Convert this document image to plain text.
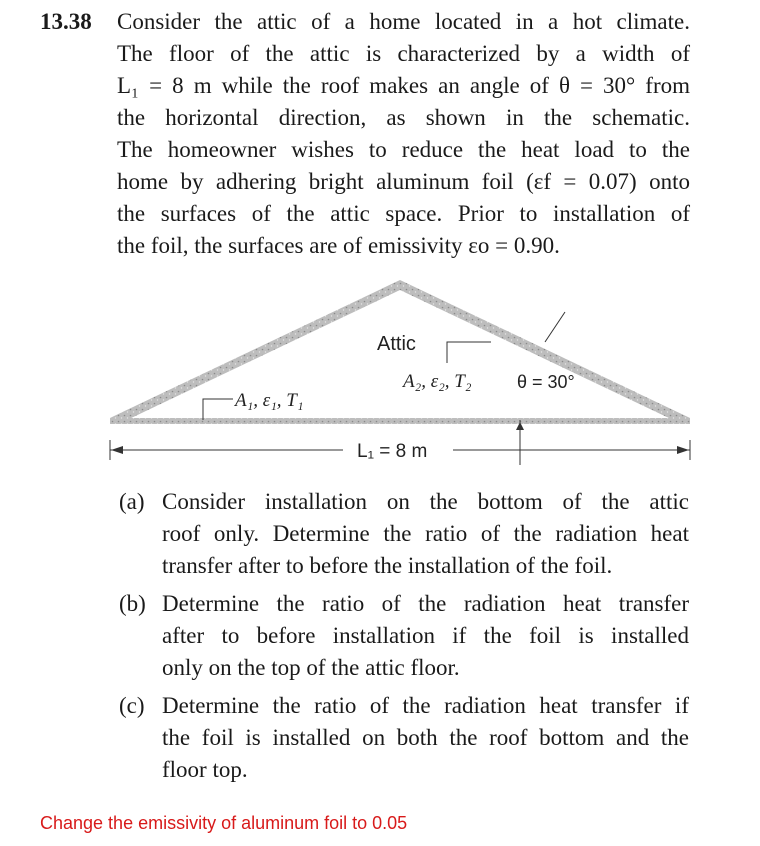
13.38 Consider the attic of a home located in a hot climate.
The floor of the attic is characterized by a width of
L₁ = 8 m while the roof makes an angle of θ = 30° from
the horizontal direction, as shown in the schematic.
The homeowner wishes to reduce the heat load to the
home by adhering bright aluminum foil (εf = 0.07) onto
the surfaces of the attic space. Prior to installation of
the foil, the surfaces are of emissivity εo = 0.90.
Attic
A₁, ε₁, T₁
A₂, ε₂, T₂	θ = 30°
L₁ = 8 m
(a) Consider installation on the bottom of the attic
roof only. Determine the ratio of the radiation heat
transfer after to before the installation of the foil.
(b) Determine the ratio of the radiation heat transfer
after to before installation if the foil is installed
only on the top of the attic floor.
(c) Determine the ratio of the radiation heat transfer if
the foil is installed on both the roof bottom and the
floor top.
Change the emissivity of aluminum foil to 0.05
